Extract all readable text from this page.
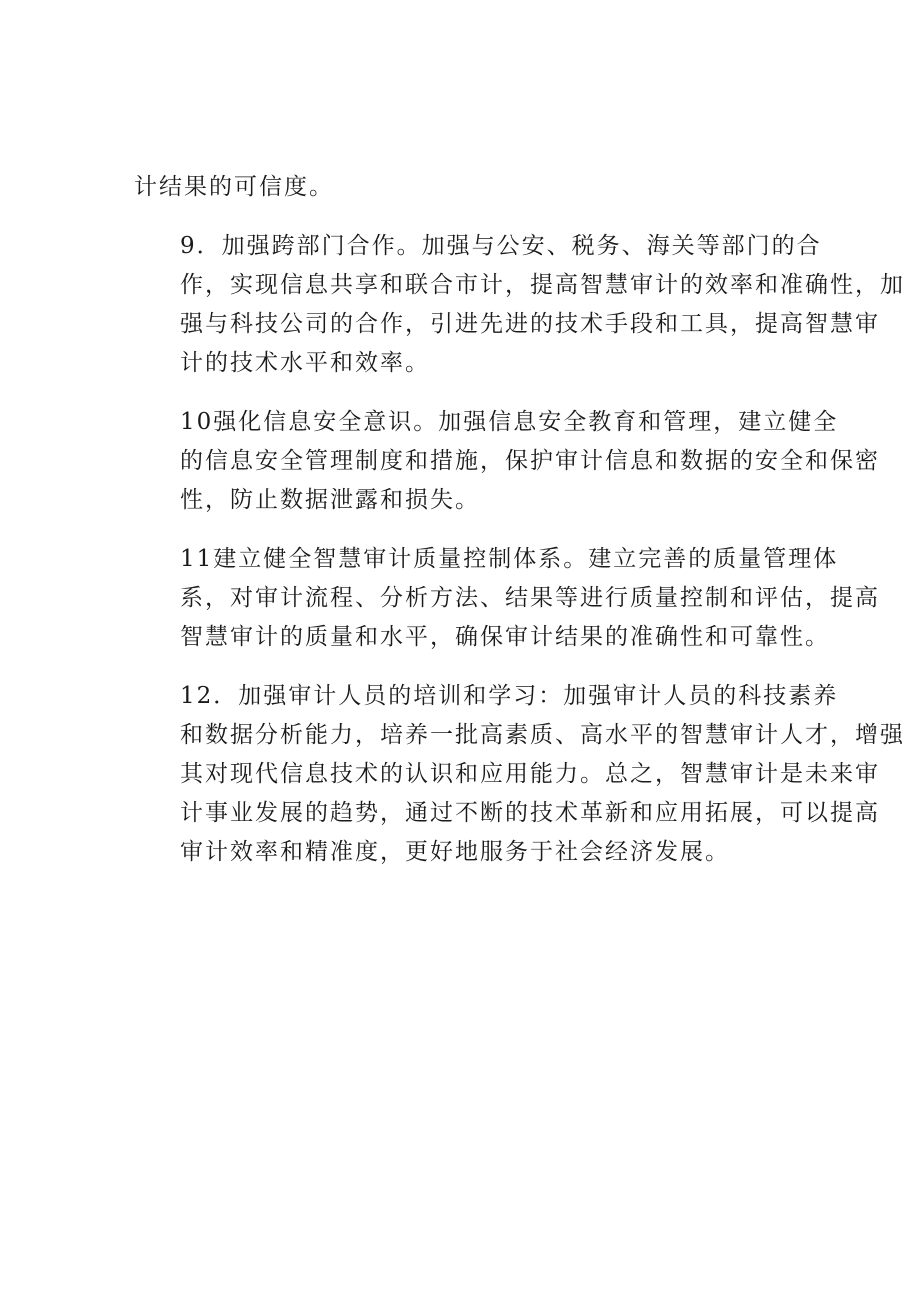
计结果的可信度。

9．加强跨部门合作。加强与公安、税务、海关等部门的合
作，实现信息共享和联合市计，提高智慧审计的效率和准确性，加
强与科技公司的合作，引进先进的技术手段和工具，提高智慧审
计的技术水平和效率。

10强化信息安全意识。加强信息安全教育和管理，建立健全
的信息安全管理制度和措施，保护审计信息和数据的安全和保密
性，防止数据泄露和损失。

11建立健全智慧审计质量控制体系。建立完善的质量管理体
系，对审计流程、分析方法、结果等进行质量控制和评估，提高
智慧审计的质量和水平，确保审计结果的准确性和可靠性。

12．加强审计人员的培训和学习：加强审计人员的科技素养
和数据分析能力，培养一批高素质、高水平的智慧审计人才，增强
其对现代信息技术的认识和应用能力。总之，智慧审计是未来审
计事业发展的趋势，通过不断的技术革新和应用拓展，可以提高
审计效率和精准度，更好地服务于社会经济发展。
